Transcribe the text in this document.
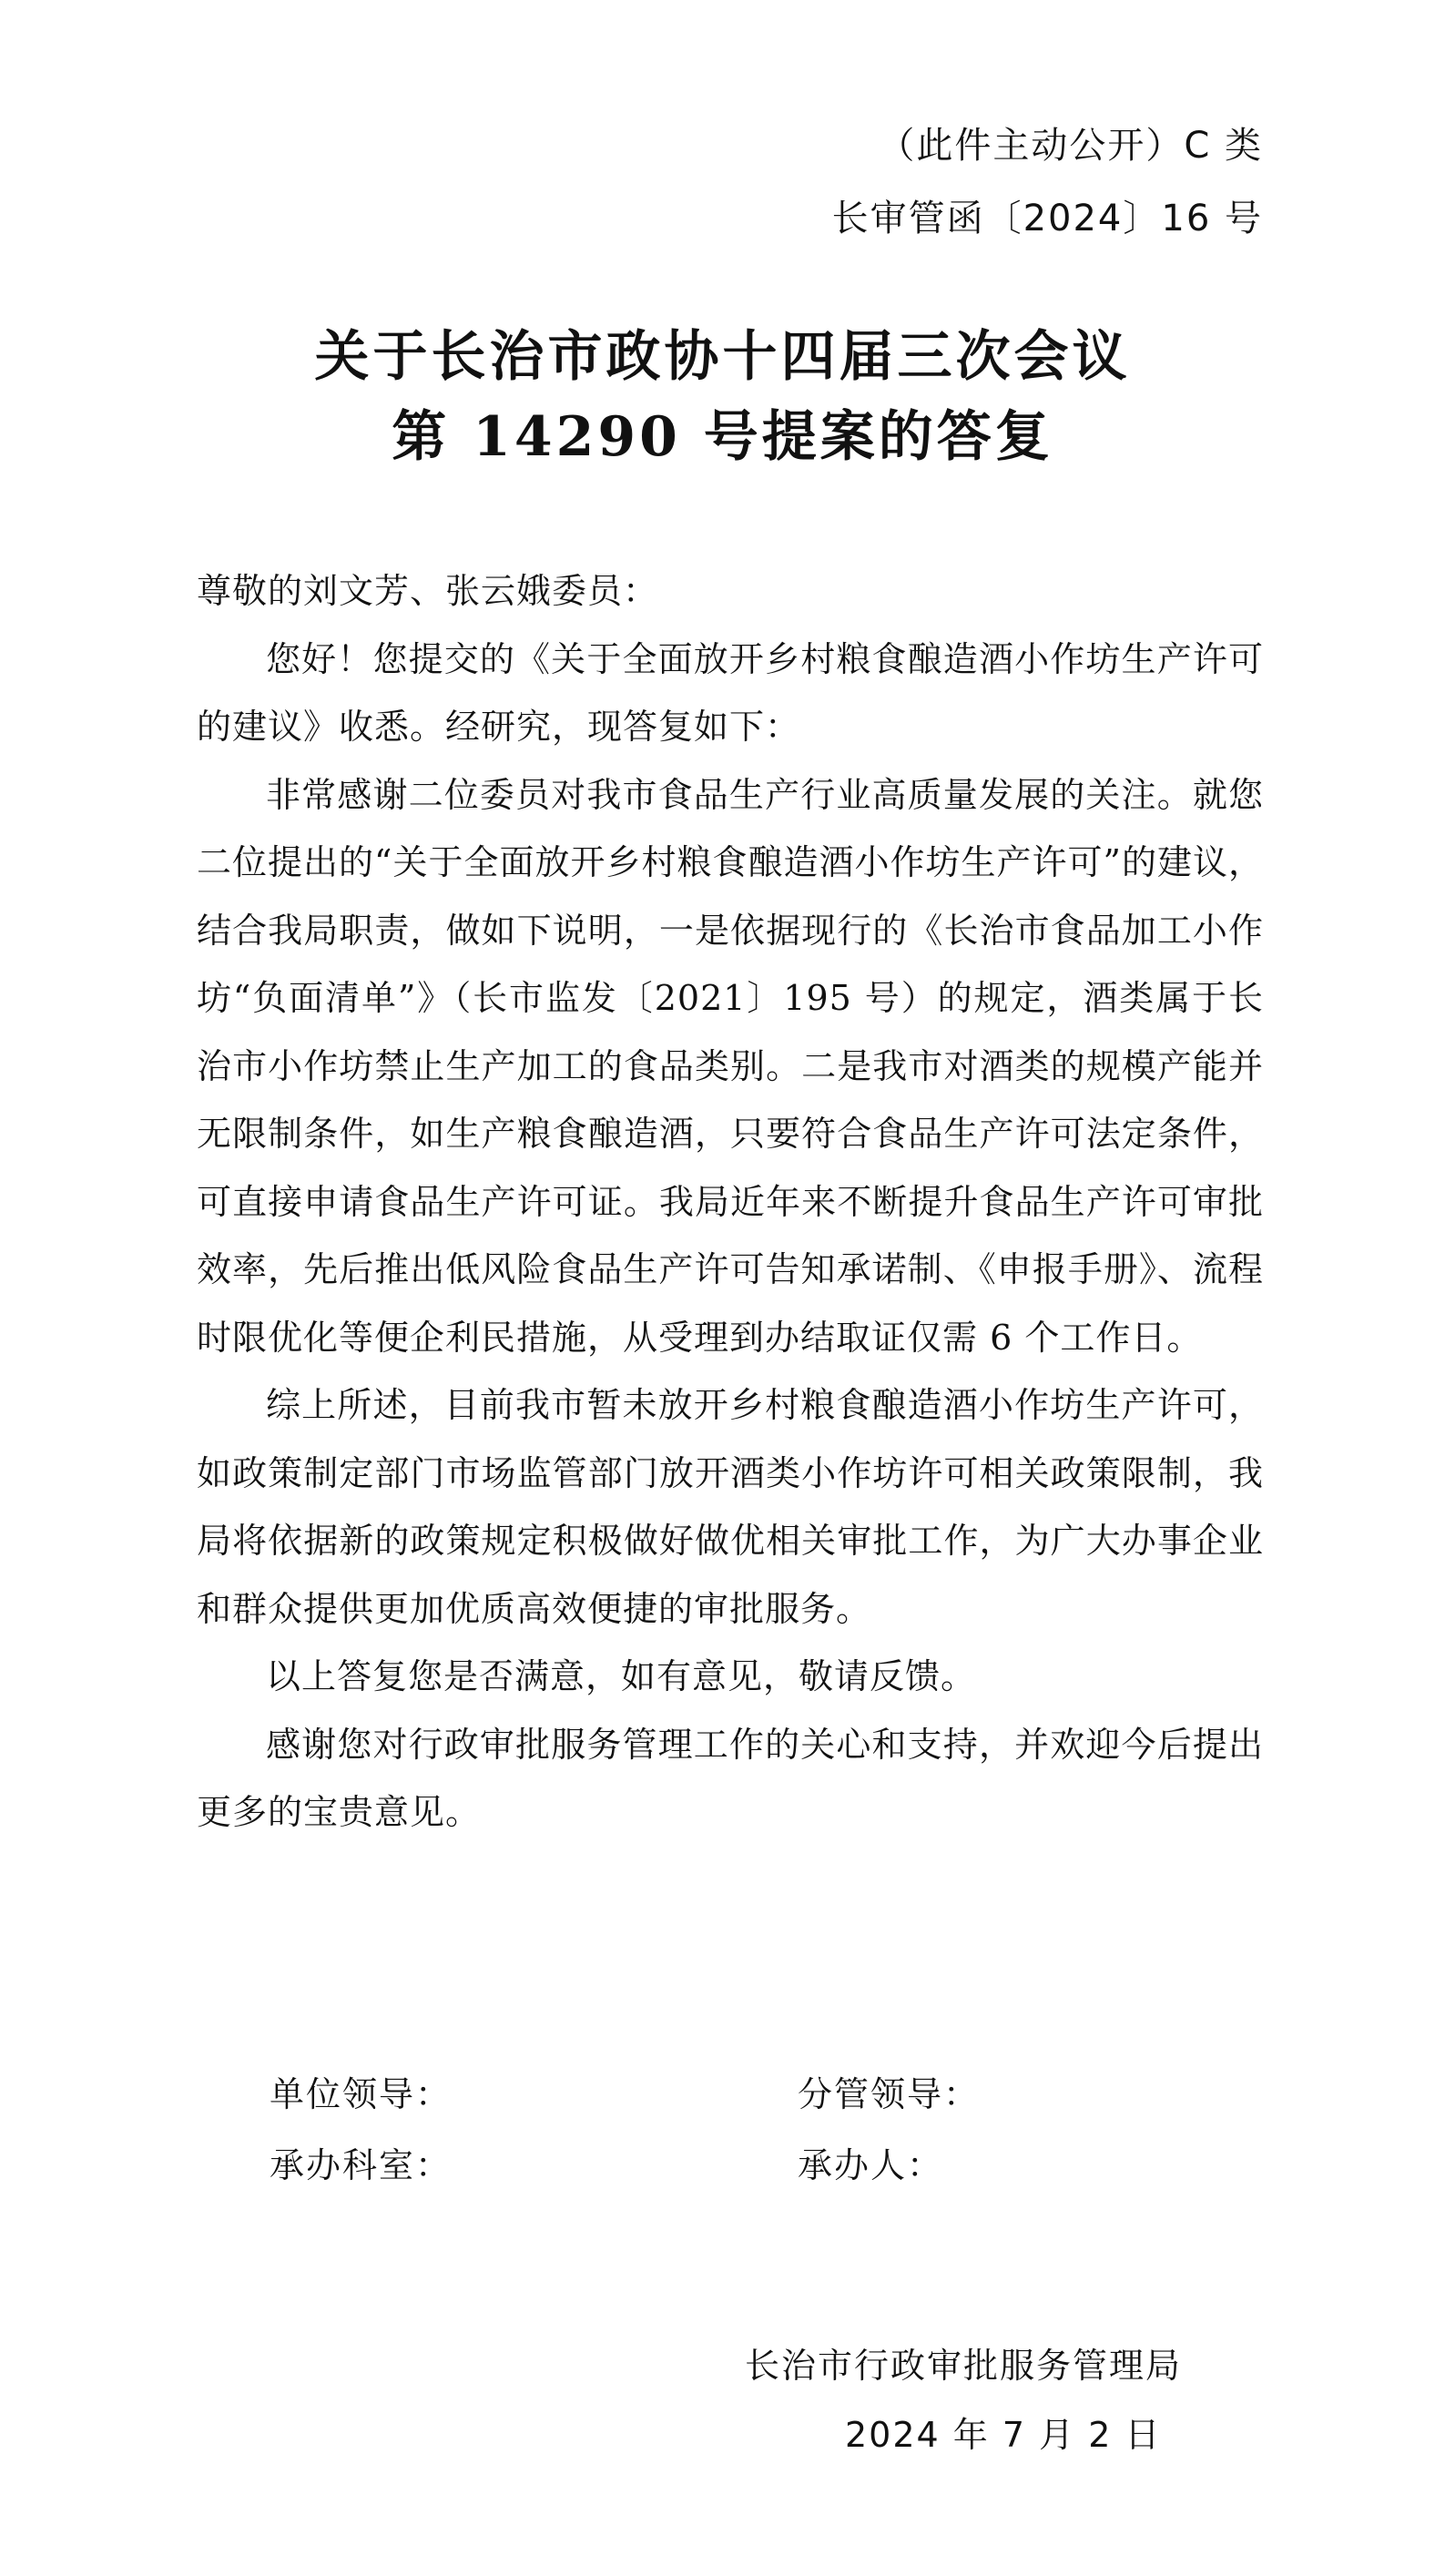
（此件主动公开）C 类
长审管函〔2024〕16 号
关于长治市政协十四届三次会议
第 14290 号提案的答复

尊敬的刘文芳、张云娥委员：

您好！您提交的《关于全面放开乡村粮食酿造酒小作坊生产许可的建议》收悉。经研究，现答复如下：

非常感谢二位委员对我市食品生产行业高质量发展的关注。就您二位提出的“关于全面放开乡村粮食酿造酒小作坊生产许可”的建议，结合我局职责，做如下说明，一是依据现行的《长治市食品加工小作坊“负面清单”》（长市监发〔2021〕195 号）的规定，酒类属于长治市小作坊禁止生产加工的食品类别。二是我市对酒类的规模产能并无限制条件，如生产粮食酿造酒，只要符合食品生产许可法定条件，可直接申请食品生产许可证。我局近年来不断提升食品生产许可审批效率，先后推出低风险食品生产许可告知承诺制、《申报手册》、流程时限优化等便企利民措施，从受理到办结取证仅需 6 个工作日。

综上所述，目前我市暂未放开乡村粮食酿造酒小作坊生产许可，如政策制定部门市场监管部门放开酒类小作坊许可相关政策限制，我局将依据新的政策规定积极做好做优相关审批工作，为广大办事企业和群众提供更加优质高效便捷的审批服务。

以上答复您是否满意，如有意见，敬请反馈。

感谢您对行政审批服务管理工作的关心和支持，并欢迎今后提出更多的宝贵意见。

单位领导：	分管领导：
承办科室：	承办人：
长治市行政审批服务管理局
2024 年 7 月 2 日
